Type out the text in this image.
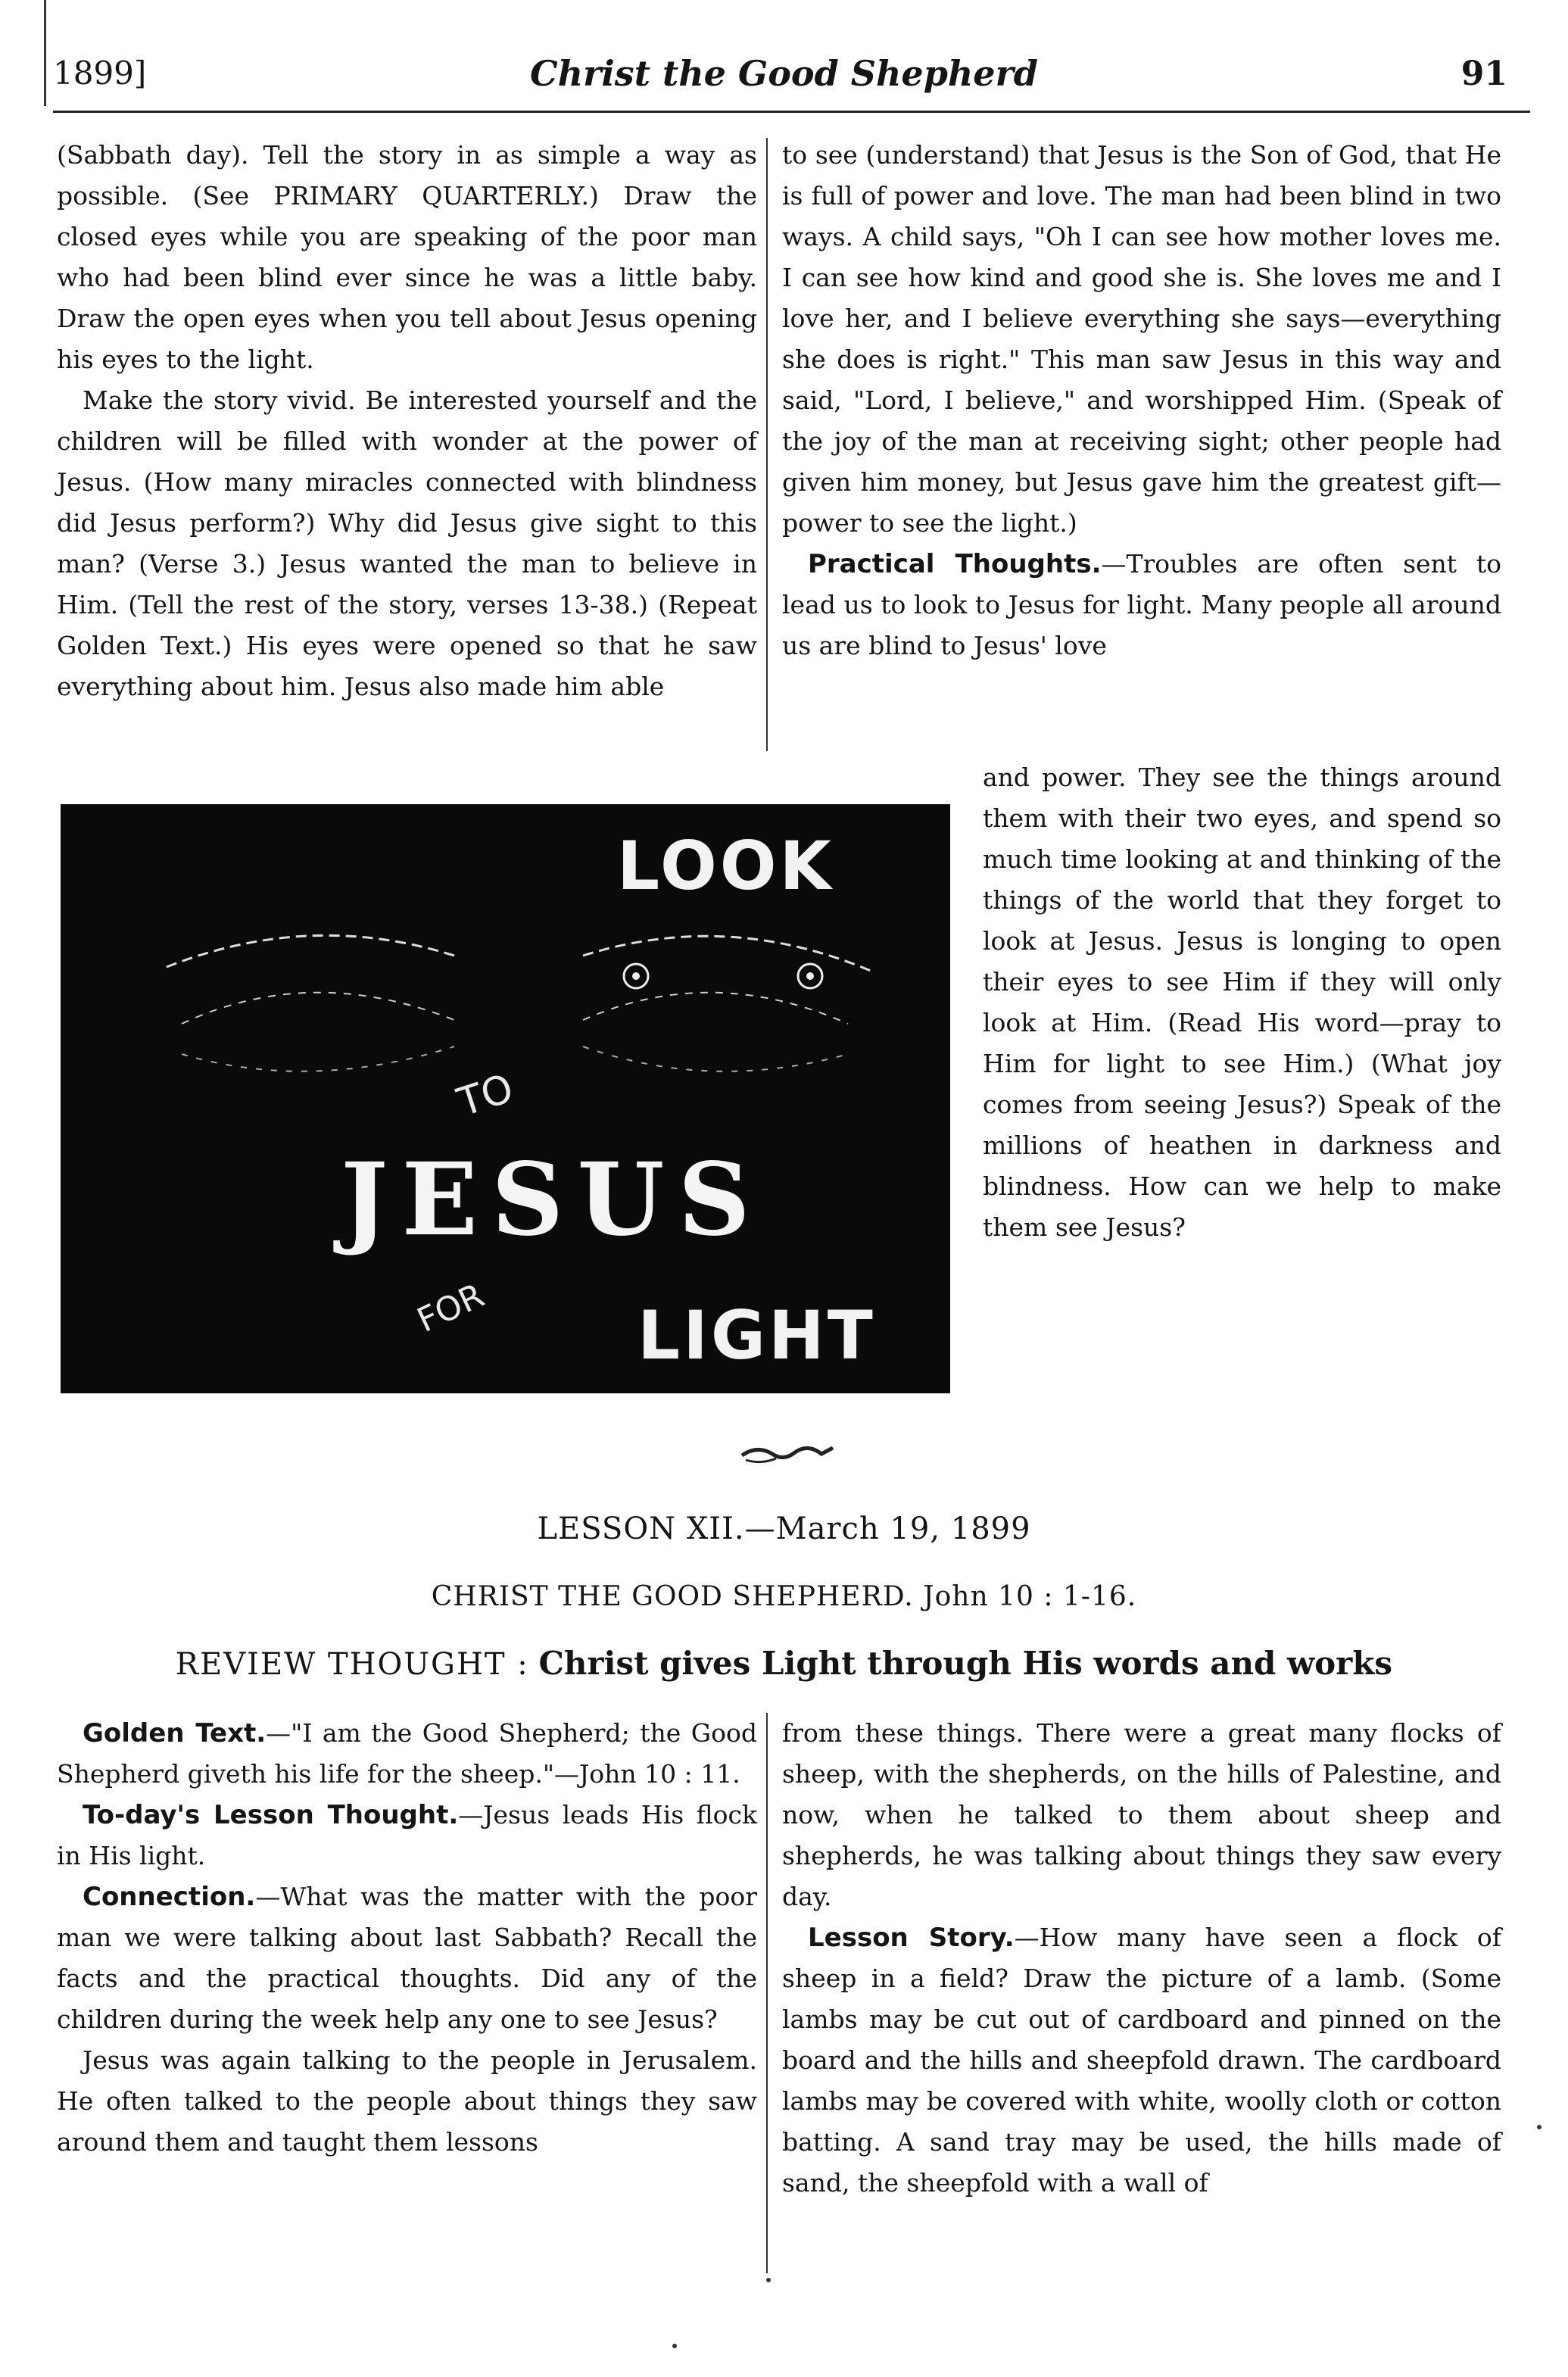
1899]	Christ the Good Shepherd	91

(Sabbath day). Tell the story in as simple a way as possible. (See PRIMARY QUARTERLY.) Draw the closed eyes while you are speaking of the poor man who had been blind ever since he was a little baby. Draw the open eyes when you tell about Jesus opening his eyes to the light.

Make the story vivid. Be interested yourself and the children will be filled with wonder at the power of Jesus. (How many miracles connected with blindness did Jesus perform?) Why did Jesus give sight to this man? (Verse 3.) Jesus wanted the man to believe in Him. (Tell the rest of the story, verses 13-38.) (Repeat Golden Text.) His eyes were opened so that he saw everything about him. Jesus also made him able

to see (understand) that Jesus is the Son of God, that He is full of power and love. The man had been blind in two ways. A child says, "Oh I can see how mother loves me. I can see how kind and good she is. She loves me and I love her, and I believe everything she says—everything she does is right." This man saw Jesus in this way and said, "Lord, I believe," and worshipped Him. (Speak of the joy of the man at receiving sight; other people had given him money, but Jesus gave him the greatest gift—power to see the light.)

Practical Thoughts.—Troubles are often sent to lead us to look to Jesus for light. Many people all around us are blind to Jesus' love

and power. They see the things around them with their two eyes, and spend so much time looking at and thinking of the things of the world that they forget to look at Jesus. Jesus is longing to open their eyes to see Him if they will only look at Him. (Read His word—pray to Him for light to see Him.) (What joy comes from seeing Jesus?) Speak of the millions of heathen in darkness and blindness. How can we help to make them see Jesus?

LOOK
TO
JESUS
FOR LIGHT
LESSON XII.—March 19, 1899
CHRIST THE GOOD SHEPHERD. John 10 : 1-16.
REVIEW THOUGHT : Christ gives Light through His words and works

Golden Text.—"I am the Good Shepherd; the Good Shepherd giveth his life for the sheep."—John 10 : 11.

To-day's Lesson Thought.—Jesus leads His flock in His light.

Connection.—What was the matter with the poor man we were talking about last Sabbath? Recall the facts and the practical thoughts. Did any of the children during the week help any one to see Jesus?

Jesus was again talking to the people in Jerusalem. He often talked to the people about things they saw around them and taught them lessons

from these things. There were a great many flocks of sheep, with the shepherds, on the hills of Palestine, and now, when he talked to them about sheep and shepherds, he was talking about things they saw every day.

Lesson Story.—How many have seen a flock of sheep in a field? Draw the picture of a lamb. (Some lambs may be cut out of cardboard and pinned on the board and the hills and sheepfold drawn. The cardboard lambs may be covered with white, woolly cloth or cotton batting. A sand tray may be used, the hills made of sand, the sheepfold with a wall of
